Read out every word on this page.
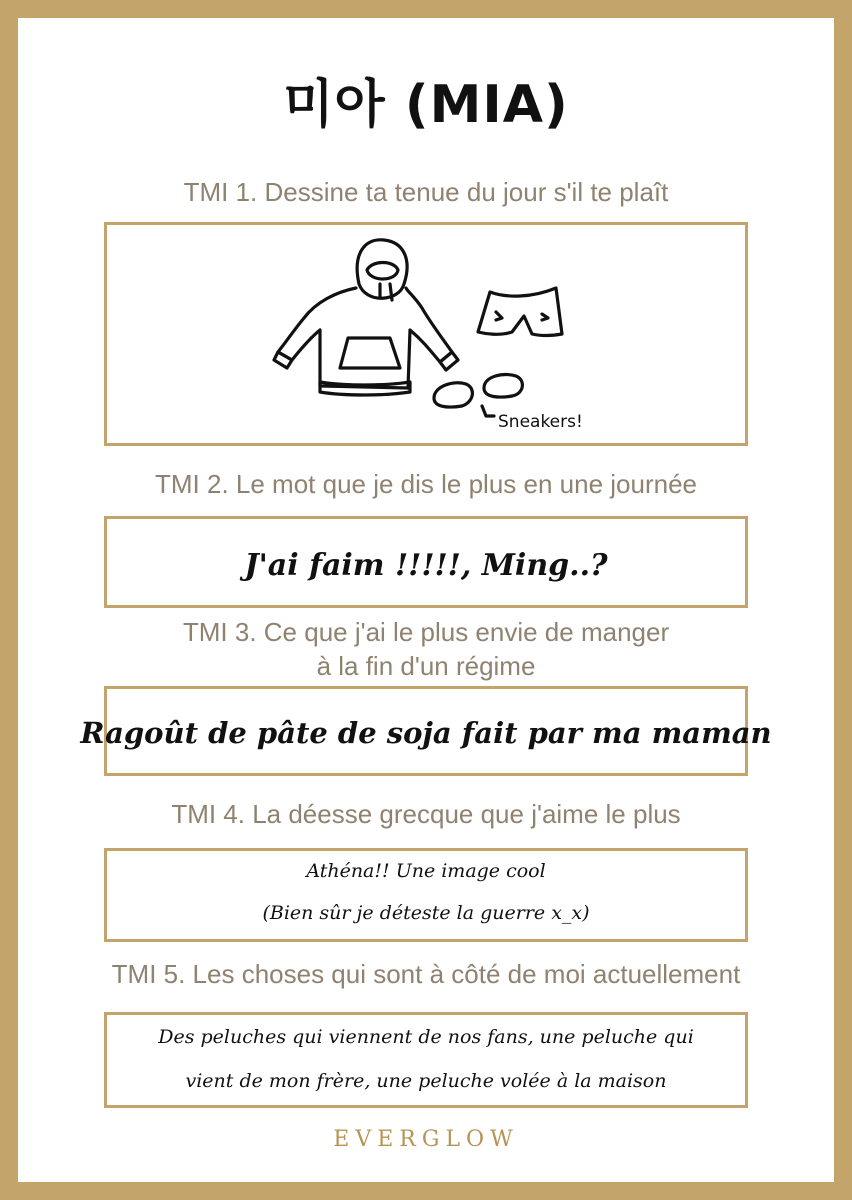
미아 (MIA)
TMI 1. Dessine ta tenue du jour s'il te plaît
Sneakers!
TMI 2. Le mot que je dis le plus en une journée
J'ai faim !!!!!, Ming..?
TMI 3. Ce que j'ai le plus envie de manger
à la fin d'un régime
Ragoût de pâte de soja fait par ma maman
TMI 4. La déesse grecque que j'aime le plus
Athéna!! Une image cool
(Bien sûr je déteste la guerre x_x)
TMI 5. Les choses qui sont à côté de moi actuellement
Des peluches qui viennent de nos fans, une peluche qui
vient de mon frère, une peluche volée à la maison
EVERGLOW
